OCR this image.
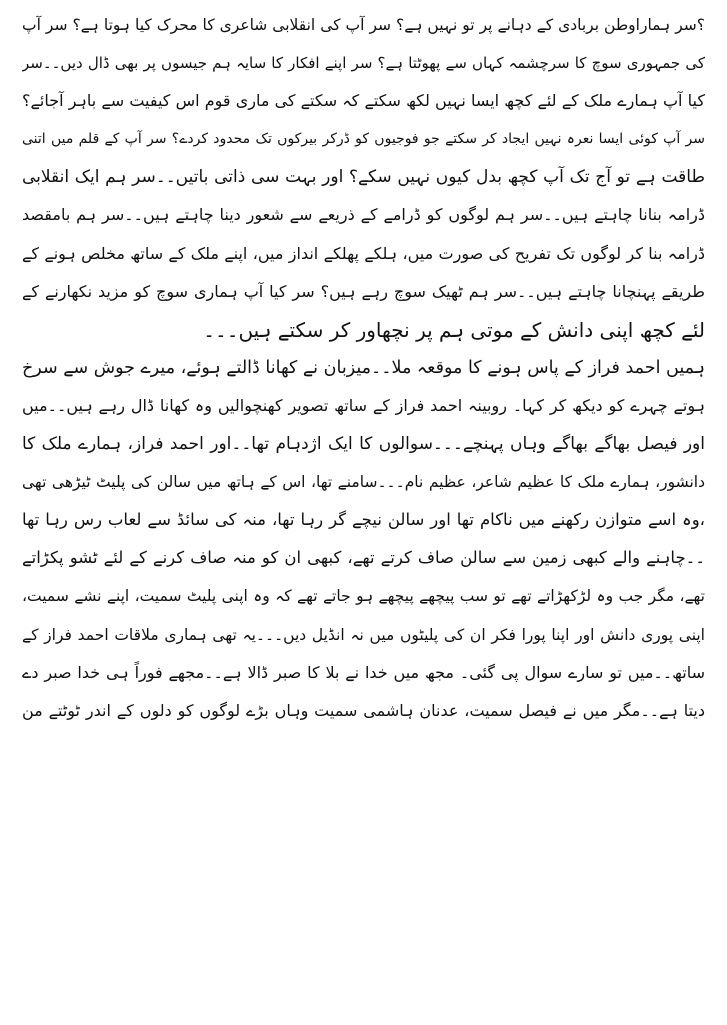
؟سر ہماراوطن بربادی کے دہانے پر تو نہیں ہے؟ سر آپ کی انقلابی شاعری کا محرک کیا ہوتا ہے؟ سر آپ
کی جمہوری سوچ کا سرچشمہ کہاں سے پھوٹتا ہے؟ سر اپنے افکار کا سایہ ہم جیسوں پر بھی ڈال دیں۔۔سر
کیا آپ ہمارے ملک کے لئے کچھ ایسا نہیں لکھ سکتے کہ سکتے کی ماری قوم اس کیفیت سے باہر آجائے؟
سر آپ کوئی ایسا نعرہ نہیں ایجاد کر سکتے جو فوجیوں کو ڈرکر بیرکوں تک محدود کردے؟ سر آپ کے قلم میں اتنی
طاقت ہے تو آج تک آپ کچھ بدل کیوں نہیں سکے؟ اور بہت سی ذاتی باتیں۔۔سر ہم ایک انقلابی
ڈرامہ بنانا چاہتے ہیں۔۔سر ہم لوگوں کو ڈرامے کے ذریعے سے شعور دینا چاہتے ہیں۔۔سر ہم بامقصد
ڈرامہ بنا کر لوگوں تک تفریح کی صورت میں، ہلکے پھلکے انداز میں، اپنے ملک کے ساتھ مخلص ہونے کے
طریقے پہنچانا چاہتے ہیں۔۔سر ہم ٹھیک سوچ رہے ہیں؟ سر کیا آپ ہماری سوچ کو مزید نکھارنے کے
لئے کچھ اپنی دانش کے موتی ہم پر نچھاور کر سکتے ہیں۔۔۔
ہمیں احمد فراز کے پاس ہونے کا موقعہ ملا۔۔میزبان نے کھانا ڈالتے ہوئے، میرے جوش سے سرخ
ہوتے چہرے کو دیکھ کر کہا۔ روبینہ احمد فراز کے ساتھ تصویر کھنچوالیں وہ کھانا ڈال رہے ہیں۔۔میں
اور فیصل بھاگے بھاگے وہاں پہنچے۔۔۔سوالوں کا ایک اژدہام تھا۔۔اور احمد فراز، ہمارے ملک کا
دانشور، ہمارے ملک کا عظیم شاعر، عظیم نام۔۔۔سامنے تھا، اس کے ہاتھ میں سالن کی پلیٹ ٹیڑھی تھی
،وہ اسے متوازن رکھنے میں ناکام تھا اور سالن نیچے گر رہا تھا، منہ کی سائڈ سے لعاب رس رہا تھا
۔۔چاہنے والے کبھی زمین سے سالن صاف کرتے تھے، کبھی ان کو منہ صاف کرنے کے لئے ٹشو پکڑاتے
تھے، مگر جب وہ لڑکھڑاتے تھے تو سب پیچھے پیچھے ہو جاتے تھے کہ وہ اپنی پلیٹ سمیت، اپنے نشے سمیت،
اپنی پوری دانش اور اپنا پورا فکر ان کی پلیٹوں میں نہ انڈیل دیں۔۔۔یہ تھی ہماری ملاقات احمد فراز کے
ساتھ۔۔میں تو سارے سوال پی گئی۔ مجھ میں خدا نے بلا کا صبر ڈالا ہے۔۔مجھے فوراً ہی خدا صبر دے
دیتا ہے۔۔مگر میں نے فیصل سمیت، عدنان ہاشمی سمیت وہاں بڑے لوگوں کو دلوں کے اندر ٹوٹتے من
